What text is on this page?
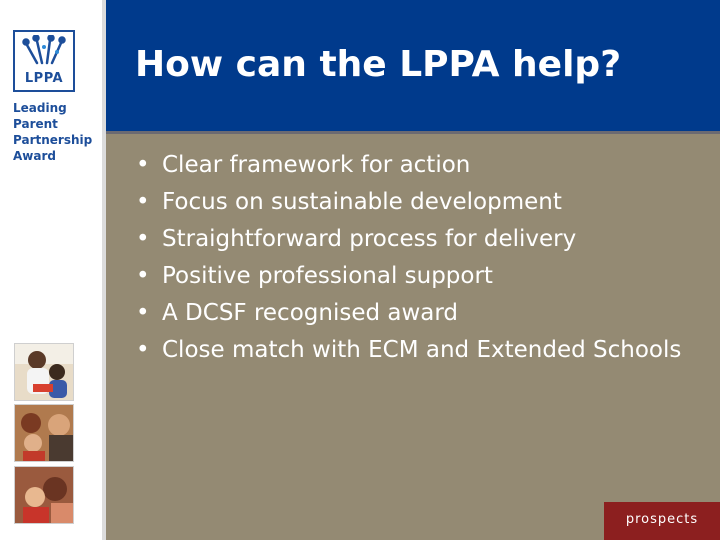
LPPA
Leading
Parent
Partnership
Award
How can the LPPA help?
• Clear framework for action
• Focus on sustainable development
• Straightforward process for delivery
• Positive professional support
• A DCSF recognised award
• Close match with ECM and Extended Schools
prospects
